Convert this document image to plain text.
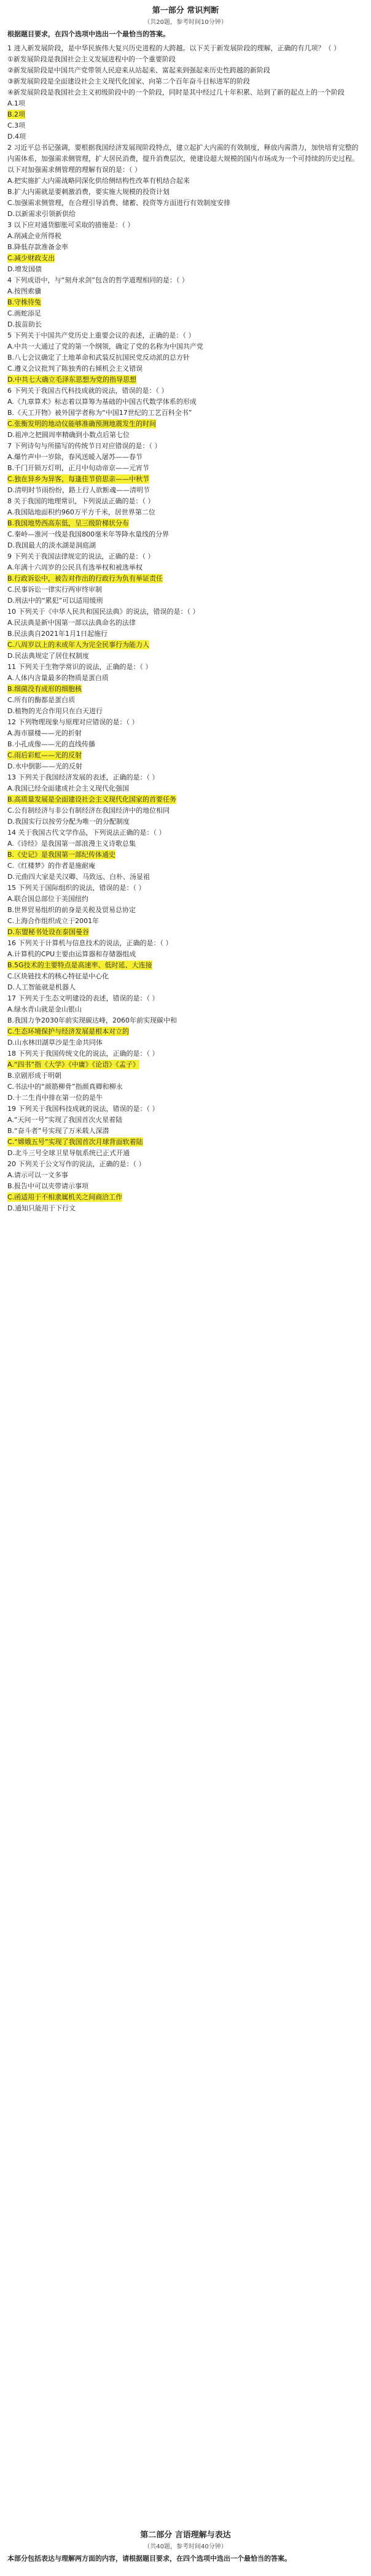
第一部分 常识判断
（共20题，参考时间10分钟）
根据题目要求，在四个选项中选出一个最恰当的答案。
1 进入新发展阶段，是中华民族伟大复兴历史进程的大跨越。以下关于新发展阶段的理解，正确的有几项？（ ）
①新发展阶段是我国社会主义发展进程中的一个重要阶段
②新发展阶段是中国共产党带领人民迎来从站起来、富起来到强起来历史性跨越的新阶段
③新发展阶段是全面建设社会主义现代化国家、向第二个百年奋斗目标进军的阶段
④新发展阶段是我国社会主义初级阶段中的一个阶段，同时是其中经过几十年积累、站到了新的起点上的一个阶段
A.1项
B.2项
C.3项
D.4项
2 习近平总书记强调，要根据我国经济发展现阶段特点，建立起扩大内需的有效制度，释放内需潜力，加快培育完整的内需体系，加强需求侧管理，扩大居民消费，提升消费层次，使建设超大规模的国内市场成为一个可持续的历史过程。以下对加强需求侧管理的理解有误的是：（ ）
A.把实施扩大内需战略同深化供给侧结构性改革有机结合起来
B.扩大内需就是要刺激消费，要实施大规模的投资计划
C.加强需求侧管理，在合理引导消费、储蓄、投资等方面进行有效制度安排
D.以新需求引领新供给
3 以下应对通货膨胀可采取的措施是：（ ）
A.削减企业所得税
B.降低存款准备金率
C.减少财政支出
D.增发国债
4 下列成语中，与“刻舟求剑”包含的哲学道理相同的是：（ ）
A.按图索骥
B.守株待兔
C.画蛇添足
D.拔苗助长
5 下列关于中国共产党历史上重要会议的表述，正确的是：（ ）
A.中共一大通过了党的第一个纲领，确定了党的名称为中国共产党
B.八七会议确定了土地革命和武装反抗国民党反动派的总方针
C.遵义会议批判了陈独秀的右倾机会主义错误
D.中共七大确立毛泽东思想为党的指导思想
6 下列关于我国古代科技成就的说法，错误的是：（ ）
A.《九章算术》标志着以算筹为基础的中国古代数学体系的形成
B.《天工开物》被外国学者称为“中国17世纪的工艺百科全书”
C.张衡发明的地动仪能够准确预测地震发生的时间
D.祖冲之把圆周率精确到小数点后第七位
7 下列诗句与所描写的传统节日对应错误的是：（ ）
A.爆竹声中一岁除，春风送暖入屠苏——春节
B.千门开锁万灯明，正月中旬动帝京——元宵节
C.独在异乡为异客，每逢佳节倍思亲——中秋节
D.清明时节雨纷纷，路上行人欲断魂——清明节
8 关于我国的地理常识，下列说法正确的是：（ ）
A.我国陆地面积约960万平方千米，居世界第二位
B.我国地势西高东低，呈三级阶梯状分布
C.秦岭—淮河一线是我国800毫米年等降水量线的分界
D.我国最大的淡水湖是洞庭湖
9 下列关于我国法律规定的说法，正确的是：（ ）
A.年满十六周岁的公民具有选举权和被选举权
B.行政诉讼中，被告对作出的行政行为负有举证责任
C.民事诉讼一律实行两审终审制
D.刑法中的“累犯”可以适用缓刑
10 下列关于《中华人民共和国民法典》的说法，错误的是：（ ）
A.民法典是新中国第一部以法典命名的法律
B.民法典自2021年1月1日起施行
C.八周岁以上的未成年人为完全民事行为能力人
D.民法典规定了居住权制度
11 下列关于生物学常识的说法，正确的是：（ ）
A.人体内含量最多的物质是蛋白质
B.细菌没有成形的细胞核
C.所有的酶都是蛋白质
D.植物的光合作用只在白天进行
12 下列物理现象与原理对应错误的是：（ ）
A.海市蜃楼——光的折射
B.小孔成像——光的直线传播
C.雨后彩虹——光的反射
D.水中倒影——光的反射
13 下列关于我国经济发展的表述，正确的是：（ ）
A.我国已经全面建成社会主义现代化强国
B.高质量发展是全面建设社会主义现代化国家的首要任务
C.公有制经济与非公有制经济在我国经济中的地位相同
D.我国实行以按劳分配为唯一的分配制度
14 关于我国古代文学作品，下列说法正确的是：（ ）
A.《诗经》是我国第一部浪漫主义诗歌总集
B.《史记》是我国第一部纪传体通史
C.《红楼梦》的作者是施耐庵
D.元曲四大家是关汉卿、马致远、白朴、汤显祖
15 下列关于国际组织的说法，错误的是：（ ）
A.联合国总部位于美国纽约
B.世界贸易组织的前身是关税及贸易总协定
C.上海合作组织成立于2001年
D.东盟秘书处设在泰国曼谷
16 下列关于计算机与信息技术的说法，正确的是：（ ）
A.计算机的CPU主要由运算器和存储器组成
B.5G技术的主要特点是高速率、低时延、大连接
C.区块链技术的核心特征是中心化
D.人工智能就是机器人
17 下列关于生态文明建设的表述，错误的是：（ ）
A.绿水青山就是金山银山
B.我国力争2030年前实现碳达峰，2060年前实现碳中和
C.生态环境保护与经济发展是根本对立的
D.山水林田湖草沙是生命共同体
18 下列关于我国传统文化的说法，正确的是：（ ）
A.“四书”指《大学》《中庸》《论语》《孟子》
B.京剧形成于明朝
C.书法中的“颜筋柳骨”指颜真卿和柳永
D.十二生肖中排在第一位的是牛
19 下列关于我国科技成就的说法，错误的是：（ ）
A.“天问一号”实现了我国首次火星着陆
B.“奋斗者”号实现了万米载人深潜
C.“嫦娥五号”实现了我国首次月球背面软着陆
D.北斗三号全球卫星导航系统已正式开通
20 下列关于公文写作的说法，正确的是：（ ）
A.请示可以一文多事
B.报告中可以夹带请示事项
C.函适用于不相隶属机关之间商洽工作
D.通知只能用于下行文
第二部分 言语理解与表达
（共40题，参考时间40分钟）
本部分包括表达与理解两方面的内容，请根据题目要求，在四个选项中选出一个最恰当的答案。
